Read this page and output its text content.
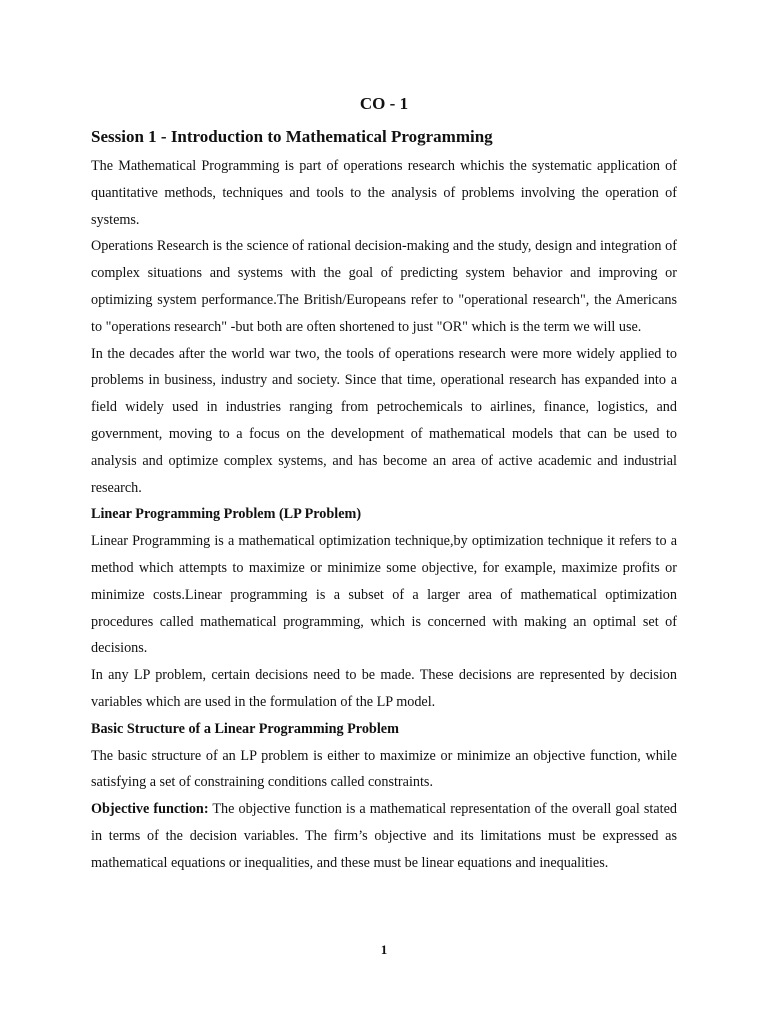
CO - 1
Session 1 - Introduction to Mathematical Programming

The Mathematical Programming is part of operations research whichis the systematic application of quantitative methods, techniques and tools to the analysis of problems involving the operation of systems.

Operations Research is the science of rational decision-making and the study, design and integration of complex situations and systems with the goal of predicting system behavior and improving or optimizing system performance.The British/Europeans refer to "operational research", the Americans to "operations research" -but both are often shortened to just "OR" which is the term we will use.

In the decades after the world war two, the tools of operations research were more widely applied to problems in business, industry and society. Since that time, operational research has expanded into a field widely used in industries ranging from petrochemicals to airlines, finance, logistics, and government, moving to a focus on the development of mathematical models that can be used to analysis and optimize complex systems, and has become an area of active academic and industrial research.

Linear Programming Problem (LP Problem)

Linear Programming is a mathematical optimization technique,by optimization technique it refers to a method which attempts to maximize or minimize some objective, for example, maximize profits or minimize costs.Linear programming is a subset of a larger area of mathematical optimization procedures called mathematical programming, which is concerned with making an optimal set of decisions.

In any LP problem, certain decisions need to be made. These decisions are represented by decision variables which are used in the formulation of the LP model.

Basic Structure of a Linear Programming Problem

The basic structure of an LP problem is either to maximize or minimize an objective function, while satisfying a set of constraining conditions called constraints.

Objective function: The objective function is a mathematical representation of the overall goal stated in terms of the decision variables. The firm’s objective and its limitations must be expressed as mathematical equations or inequalities, and these must be linear equations and inequalities.

1
